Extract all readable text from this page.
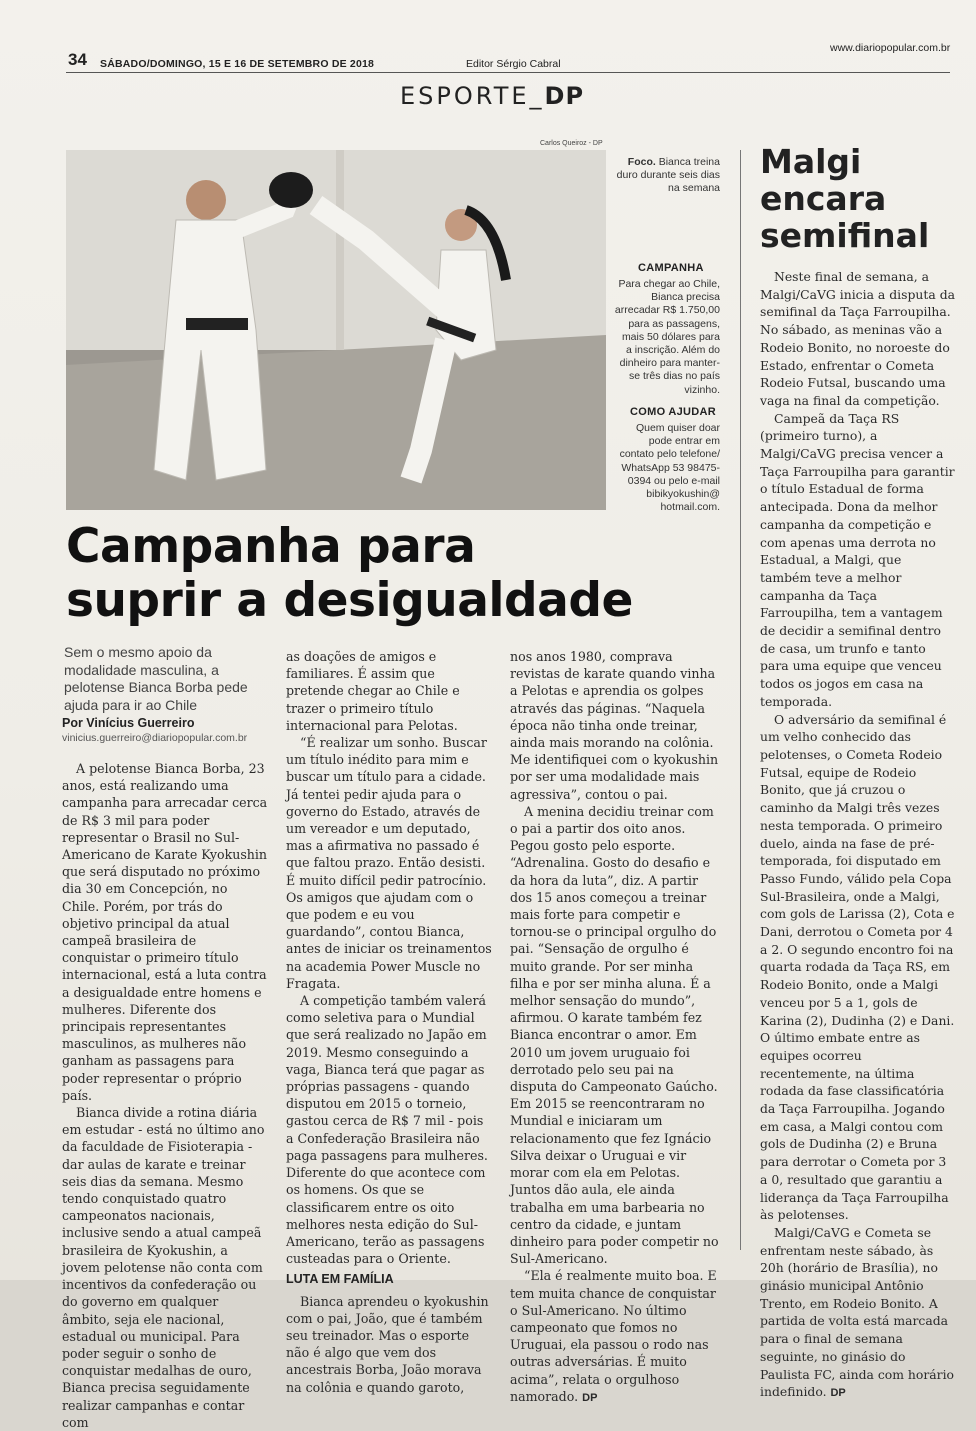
34 SÁBADO/DOMINGO, 15 E 16 DE SETEMBRO DE 2018	Editor Sérgio Cabral
www.diariopopular.com.br
ESPORTE_DP
Carlos Queiroz - DP
Foco. Bianca treina duro durante seis dias na semana
CAMPANHA
Para chegar ao Chile, Bianca precisa arrecadar R$ 1.750,00 para as passagens, mais 50 dólares para a inscrição. Além do dinheiro para manter-se três dias no país vizinho.
COMO AJUDAR
Quem quiser doar pode entrar em contato pelo telefone/ WhatsApp 53 98475-0394 ou pelo e-mail bibikyokushin@ hotmail.com.
Campanha para
suprir a desigualdade
Sem o mesmo apoio da modalidade masculina, a pelotense Bianca Borba pede ajuda para ir ao Chile
Por Vinícius Guerreiro
vinicius.guerreiro@diariopopular.com.br

A pelotense Bianca Borba, 23 anos, está realizando uma campanha para arrecadar cerca de R$ 3 mil para poder representar o Brasil no Sul-Americano de Karate Kyokushin que será disputado no próximo dia 30 em Concepción, no Chile. Porém, por trás do objetivo principal da atual campeã brasileira de conquistar o primeiro título internacional, está a luta contra a desigualdade entre homens e mulheres. Diferente dos principais representantes masculinos, as mulheres não ganham as passagens para poder representar o próprio país.

Bianca divide a rotina diária em estudar - está no último ano da faculdade de Fisioterapia - dar aulas de karate e treinar seis dias da semana. Mesmo tendo conquistado quatro campeonatos nacionais, inclusive sendo a atual campeã brasileira de Kyokushin, a jovem pelotense não conta com incentivos da confederação ou do governo em qualquer âmbito, seja ele nacional, estadual ou municipal. Para poder seguir o sonho de conquistar medalhas de ouro, Bianca precisa seguidamente realizar campanhas e contar com

as doações de amigos e familiares. É assim que pretende chegar ao Chile e trazer o primeiro título internacional para Pelotas.

“É realizar um sonho. Buscar um título inédito para mim e buscar um título para a cidade. Já tentei pedir ajuda para o governo do Estado, através de um vereador e um deputado, mas a afirmativa no passado é que faltou prazo. Então desisti. É muito difícil pedir patrocínio. Os amigos que ajudam com o que podem e eu vou guardando”, contou Bianca, antes de iniciar os treinamentos na academia Power Muscle no Fragata.

A competição também valerá como seletiva para o Mundial que será realizado no Japão em 2019. Mesmo conseguindo a vaga, Bianca terá que pagar as próprias passagens - quando disputou em 2015 o torneio, gastou cerca de R$ 7 mil - pois a Confederação Brasileira não paga passagens para mulheres. Diferente do que acontece com os homens. Os que se classificarem entre os oito melhores nesta edição do Sul-Americano, terão as passagens custeadas para o Oriente.

LUTA EM FAMÍLIA

Bianca aprendeu o kyokushin com o pai, João, que é também seu treinador. Mas o esporte não é algo que vem dos ancestrais Borba, João morava na colônia e quando garoto,

nos anos 1980, comprava revistas de karate quando vinha a Pelotas e aprendia os golpes através das páginas. “Naquela época não tinha onde treinar, ainda mais morando na colônia. Me identifiquei com o kyokushin por ser uma modalidade mais agressiva”, contou o pai.

A menina decidiu treinar com o pai a partir dos oito anos. Pegou gosto pelo esporte. “Adrenalina. Gosto do desafio e da hora da luta”, diz. A partir dos 15 anos começou a treinar mais forte para competir e tornou-se o principal orgulho do pai. “Sensação de orgulho é muito grande. Por ser minha filha e por ser minha aluna. É a melhor sensação do mundo”, afirmou. O karate também fez Bianca encontrar o amor. Em 2010 um jovem uruguaio foi derrotado pelo seu pai na disputa do Campeonato Gaúcho. Em 2015 se reencontraram no Mundial e iniciaram um relacionamento que fez Ignácio Silva deixar o Uruguai e vir morar com ela em Pelotas. Juntos dão aula, ele ainda trabalha em uma barbearia no centro da cidade, e juntam dinheiro para poder competir no Sul-Americano.

“Ela é realmente muito boa. E tem muita chance de conquistar o Sul-Americano. No último campeonato que fomos no Uruguai, ela passou o rodo nas outras adversárias. É muito acima”, relata o orgulhoso namorado. DP

Malgi
encara
semifinal

Neste final de semana, a Malgi/CaVG inicia a disputa da semifinal da Taça Farroupilha. No sábado, as meninas vão a Rodeio Bonito, no noroeste do Estado, enfrentar o Cometa Rodeio Futsal, buscando uma vaga na final da competição.

Campeã da Taça RS (primeiro turno), a Malgi/CaVG precisa vencer a Taça Farroupilha para garantir o título Estadual de forma antecipada. Dona da melhor campanha da competição e com apenas uma derrota no Estadual, a Malgi, que também teve a melhor campanha da Taça Farroupilha, tem a vantagem de decidir a semifinal dentro de casa, um trunfo e tanto para uma equipe que venceu todos os jogos em casa na temporada.

O adversário da semifinal é um velho conhecido das pelotenses, o Cometa Rodeio Futsal, equipe de Rodeio Bonito, que já cruzou o caminho da Malgi três vezes nesta temporada. O primeiro duelo, ainda na fase de pré-temporada, foi disputado em Passo Fundo, válido pela Copa Sul-Brasileira, onde a Malgi, com gols de Larissa (2), Cota e Dani, derrotou o Cometa por 4 a 2. O segundo encontro foi na quarta rodada da Taça RS, em Rodeio Bonito, onde a Malgi venceu por 5 a 1, gols de Karina (2), Dudinha (2) e Dani. O último embate entre as equipes ocorreu recentemente, na última rodada da fase classificatória da Taça Farroupilha. Jogando em casa, a Malgi contou com gols de Dudinha (2) e Bruna para derrotar o Cometa por 3 a 0, resultado que garantiu a liderança da Taça Farroupilha às pelotenses.

Malgi/CaVG e Cometa se enfrentam neste sábado, às 20h (horário de Brasília), no ginásio municipal Antônio Trento, em Rodeio Bonito. A partida de volta está marcada para o final de semana seguinte, no ginásio do Paulista FC, ainda com horário indefinido. DP
